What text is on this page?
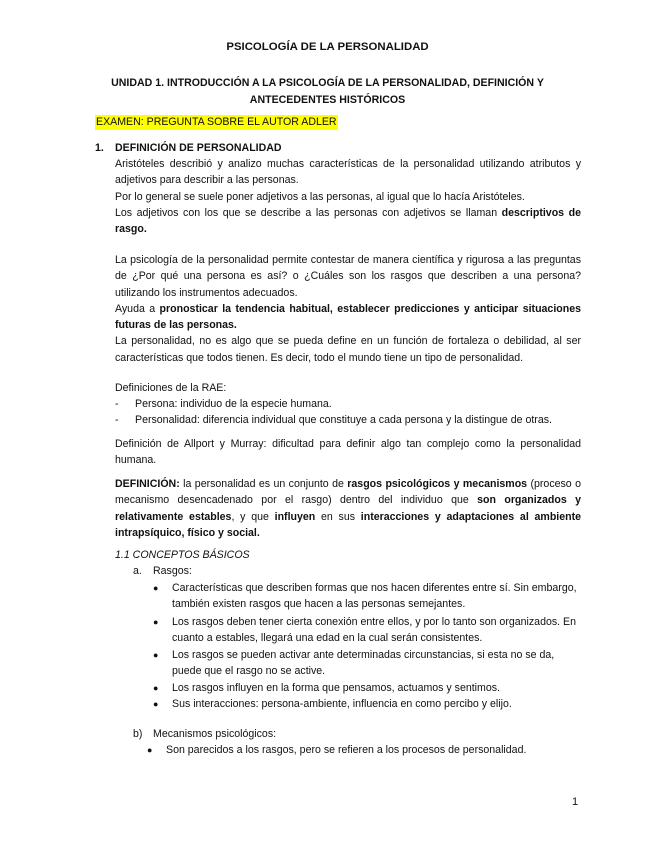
PSICOLOGÍA DE LA PERSONALIDAD
UNIDAD 1. INTRODUCCIÓN A LA PSICOLOGÍA DE LA PERSONALIDAD, DEFINICIÓN Y
ANTECEDENTES HISTÓRICOS
EXAMEN: PREGUNTA SOBRE EL AUTOR ADLER
1. DEFINICIÓN DE PERSONALIDAD

Aristóteles describió y analizo muchas características de la personalidad utilizando atributos y adjetivos para describir a las personas.

Por lo general se suele poner adjetivos a las personas, al igual que lo hacía Aristóteles.

Los adjetivos con los que se describe a las personas con adjetivos se llaman descriptivos de rasgo.

La psicología de la personalidad permite contestar de manera científica y rigurosa a las preguntas de ¿Por qué una persona es así? o ¿Cuáles son los rasgos que describen a una persona? utilizando los instrumentos adecuados.

Ayuda a pronosticar la tendencia habitual, establecer predicciones y anticipar situaciones futuras de las personas.

La personalidad, no es algo que se pueda define en un función de fortaleza o debilidad, al ser características que todos tienen. Es decir, todo el mundo tiene un tipo de personalidad.

Definiciones de la RAE:
- Persona: individuo de la especie humana.
- Personalidad: diferencia individual que constituye a cada persona y la distingue de otras.
Definición de Allport y Murray: dificultad para definir algo tan complejo como la personalidad humana.
DEFINICIÓN: la personalidad es un conjunto de rasgos psicológicos y mecanismos (proceso o mecanismo desencadenado por el rasgo) dentro del individuo que son organizados y relativamente estables, y que influyen en sus interacciones y adaptaciones al ambiente intrapsíquico, físico y social.
1.1 CONCEPTOS BÁSICOS
a. Rasgos:
● Características que describen formas que nos hacen diferentes entre sí. Sin embargo, también existen rasgos que hacen a las personas semejantes.
● Los rasgos deben tener cierta conexión entre ellos, y por lo tanto son organizados. En cuanto a estables, llegará una edad en la cual serán consistentes.
● Los rasgos se pueden activar ante determinadas circunstancias, si esta no se da, puede que el rasgo no se active.
● Los rasgos influyen en la forma que pensamos, actuamos y sentimos.
● Sus interacciones: persona-ambiente, influencia en como percibo y elijo.
b) Mecanismos psicológicos:
● Son parecidos a los rasgos, pero se refieren a los procesos de personalidad.
1
